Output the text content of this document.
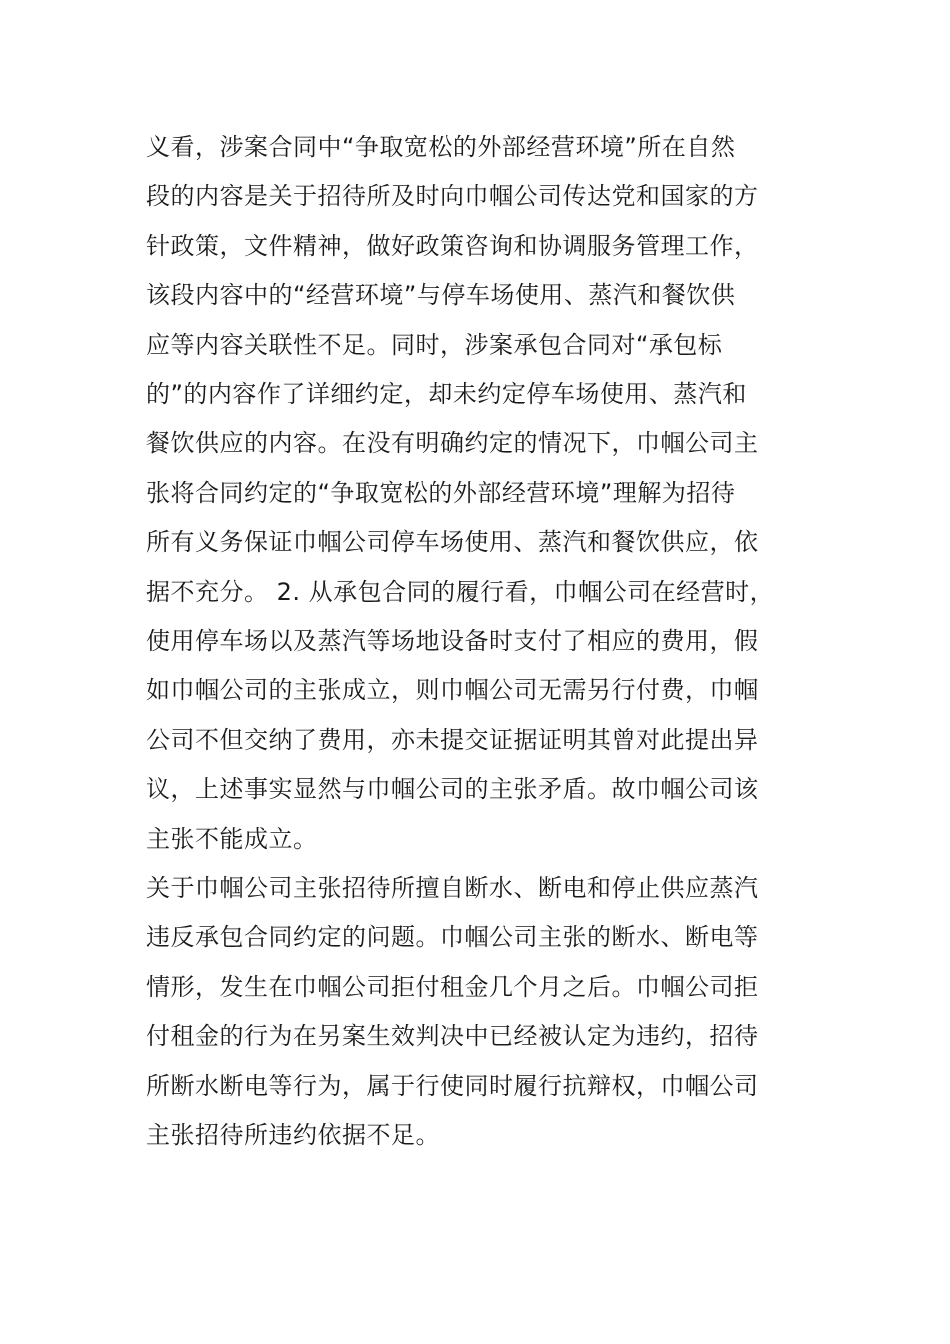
义看，涉案合同中“争取宽松的外部经营环境”所在自然
段的内容是关于招待所及时向巾帼公司传达党和国家的方
针政策，文件精神，做好政策咨询和协调服务管理工作，
该段内容中的“经营环境”与停车场使用、蒸汽和餐饮供
应等内容关联性不足。同时，涉案承包合同对“承包标
的”的内容作了详细约定，却未约定停车场使用、蒸汽和
餐饮供应的内容。在没有明确约定的情况下，巾帼公司主
张将合同约定的“争取宽松的外部经营环境”理解为招待
所有义务保证巾帼公司停车场使用、蒸汽和餐饮供应，依
据不充分。 2. 从承包合同的履行看，巾帼公司在经营时，
使用停车场以及蒸汽等场地设备时支付了相应的费用，假
如巾帼公司的主张成立，则巾帼公司无需另行付费，巾帼
公司不但交纳了费用，亦未提交证据证明其曾对此提出异
议，上述事实显然与巾帼公司的主张矛盾。故巾帼公司该
主张不能成立。
关于巾帼公司主张招待所擅自断水、断电和停止供应蒸汽
违反承包合同约定的问题。巾帼公司主张的断水、断电等
情形，发生在巾帼公司拒付租金几个月之后。巾帼公司拒
付租金的行为在另案生效判决中已经被认定为违约，招待
所断水断电等行为，属于行使同时履行抗辩权，巾帼公司
主张招待所违约依据不足。
